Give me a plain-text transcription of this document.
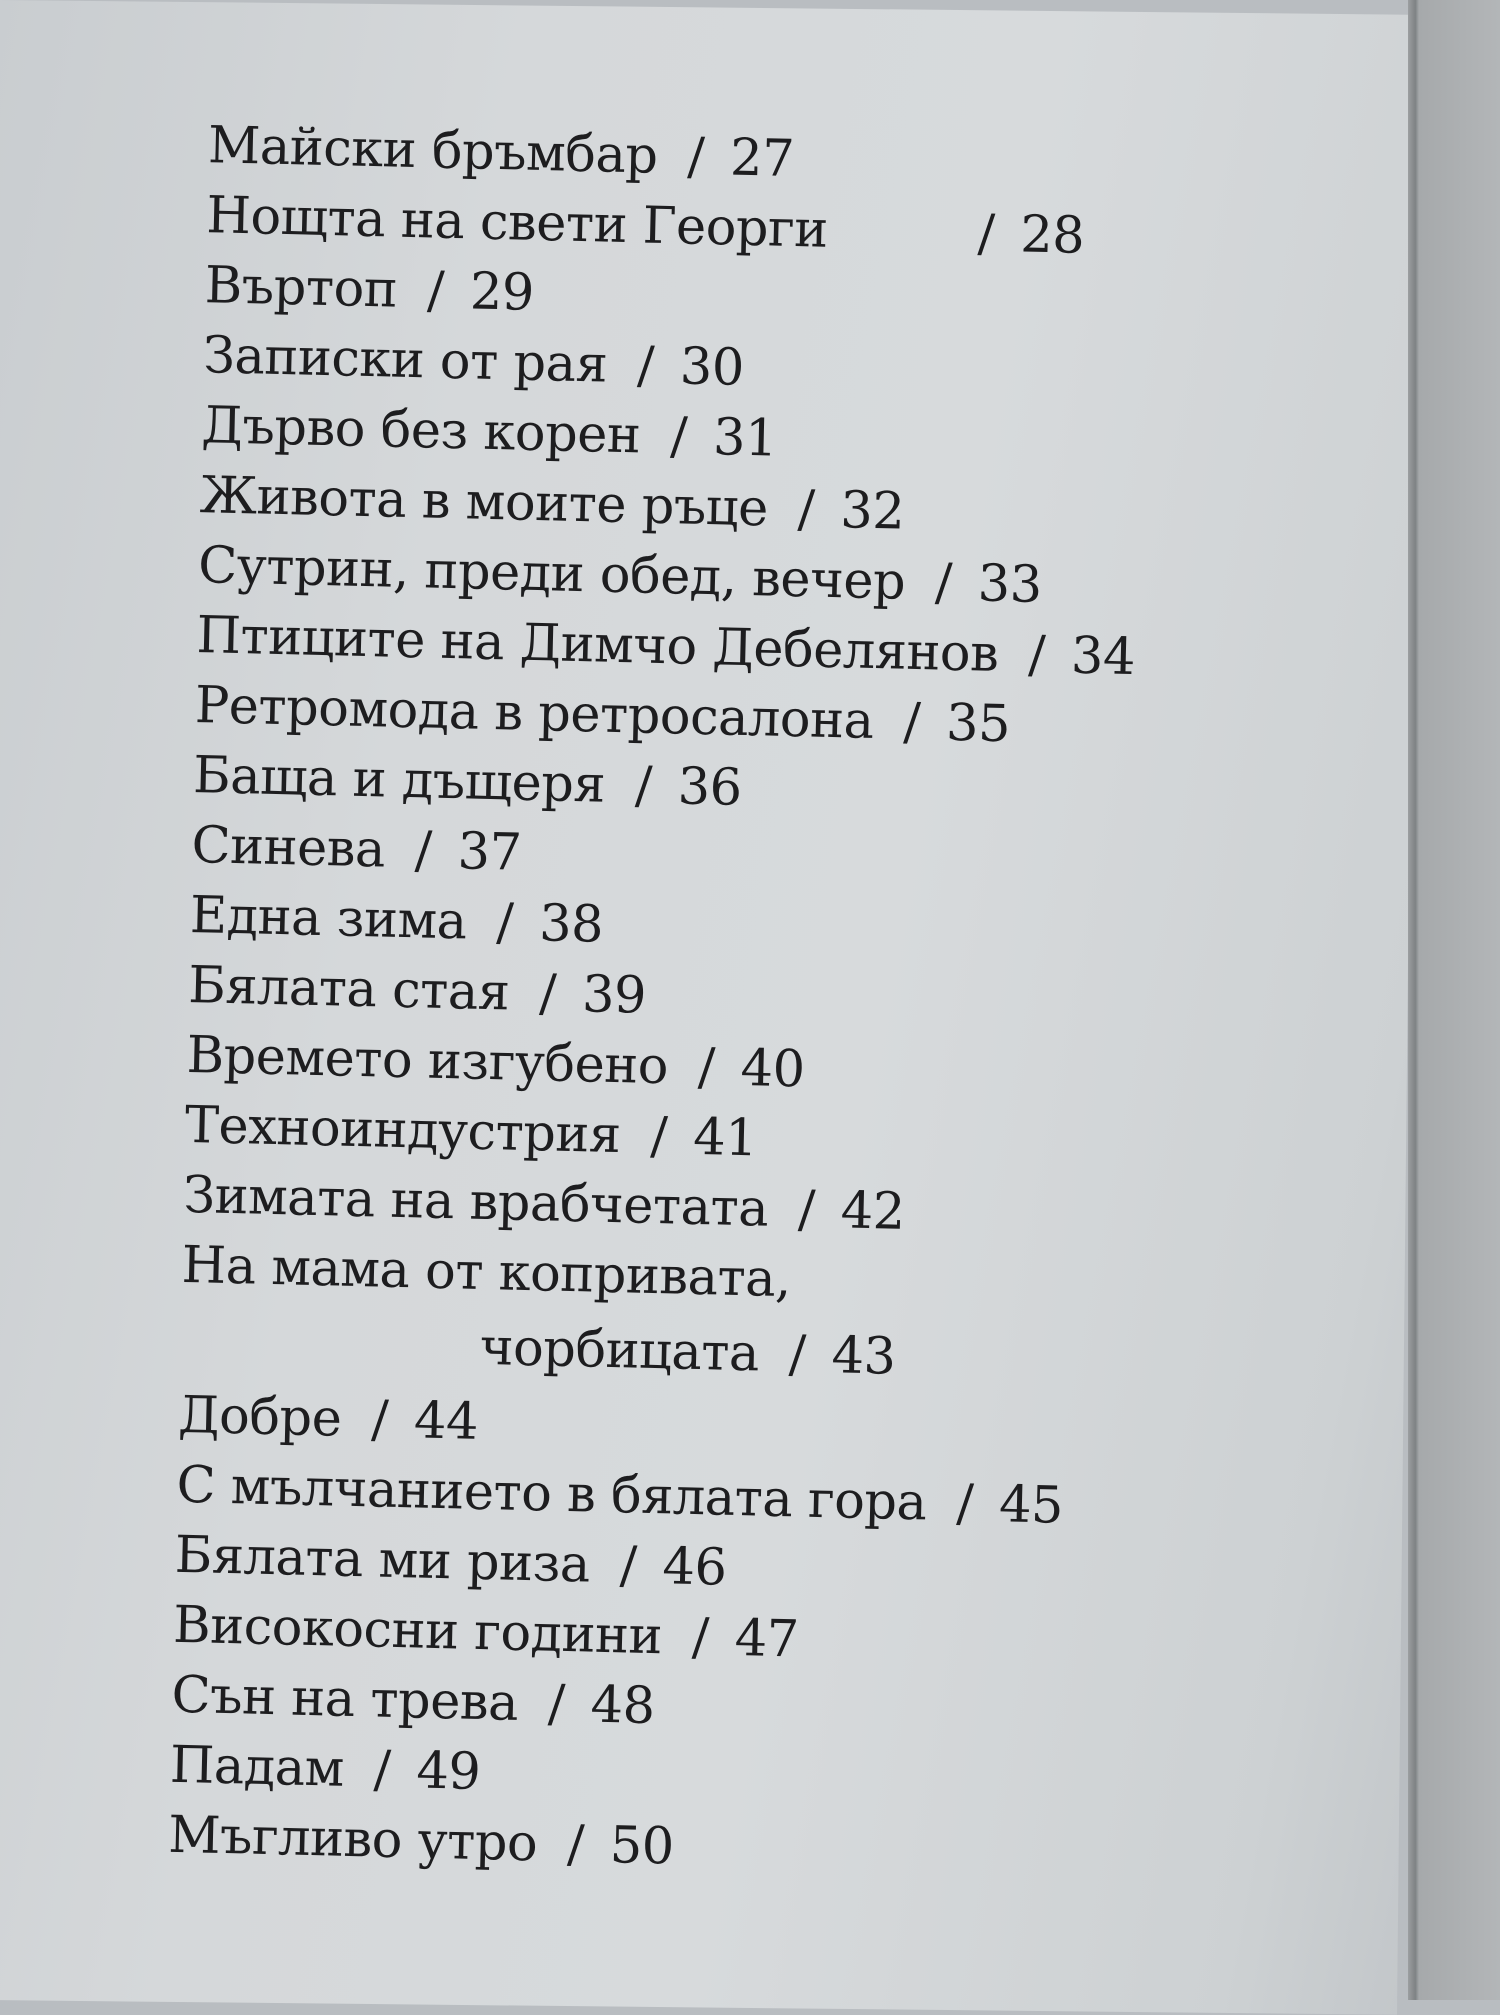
Майски бръмбар / 27
Нощта на свети Георги	/ 28
Въртоп / 29
Записки от рая / 30
Дърво без корен / 31
Живота в моите ръце / 32
Сутрин, преди обед, вечер / 33
Птиците на Димчо Дебелянов / 34
Ретромода в ретросалона / 35
Баща и дъщеря / 36
Синева / 37
Една зима / 38
Бялата стая / 39
Времето изгубено / 40
Техноиндустрия / 41
Зимата на врабчетата / 42
На мама от копривата,
чорбицата / 43
Добре / 44
С мълчанието в бялата гора / 45
Бялата ми риза / 46
Високосни години / 47
Сън на трева / 48
Падам / 49
Мъгливо утро / 50
